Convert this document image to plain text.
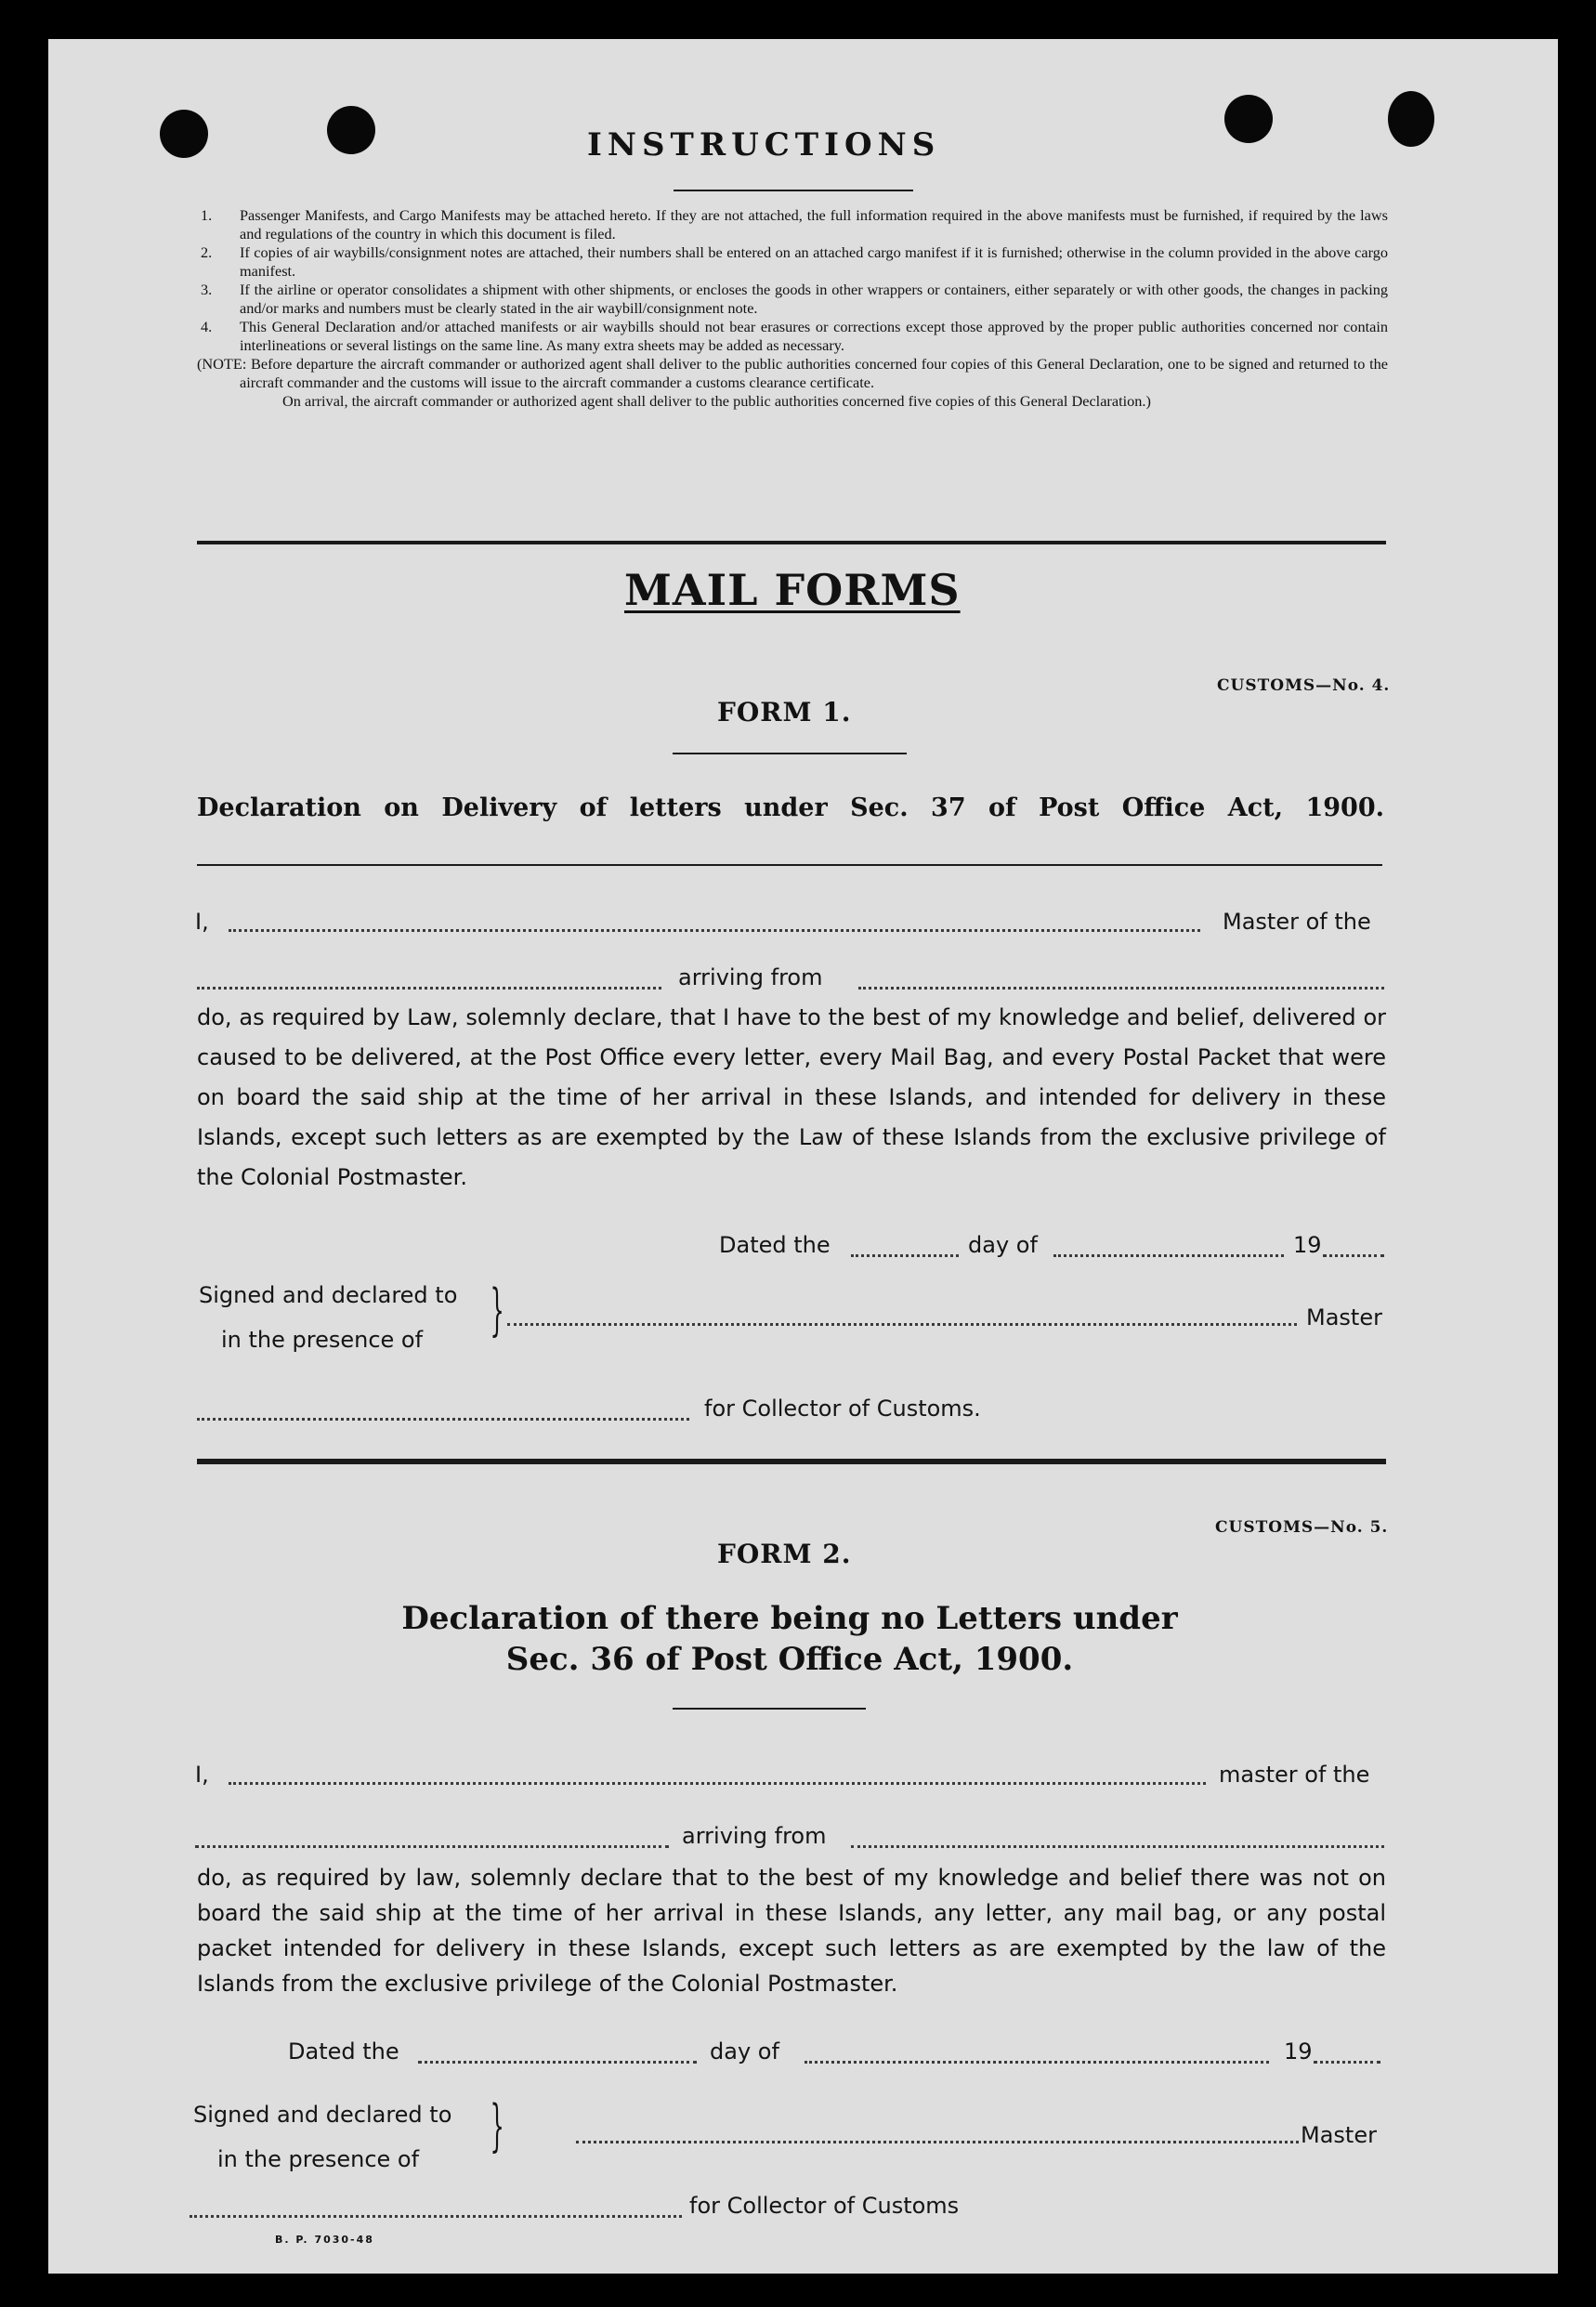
INSTRUCTIONS
1. Passenger Manifests, and Cargo Manifests may be attached hereto. If they are not attached, the full information required in the above manifests must be furnished, if required by the laws and regulations of the country in which this document is filed.
2. If copies of air waybills/consignment notes are attached, their numbers shall be entered on an attached cargo manifest if it is furnished; otherwise in the column provided in the above cargo manifest.
3. If the airline or operator consolidates a shipment with other shipments, or encloses the goods in other wrappers or containers, either separately or with other goods, the changes in packing and/or marks and numbers must be clearly stated in the air waybill/consignment note.
4. This General Declaration and/or attached manifests or air waybills should not bear erasures or corrections except those approved by the proper public authorities concerned nor contain interlineations or several listings on the same line. As many extra sheets may be added as necessary.
(NOTE: Before departure the aircraft commander or authorized agent shall deliver to the public authorities concerned four copies of this General Declaration, one to be signed and returned to the aircraft commander and the customs will issue to the aircraft commander a customs clearance certificate.

On arrival, the aircraft commander or authorized agent shall deliver to the public authorities concerned five copies of this General Declaration.)

MAIL FORMS
CUSTOMS—No. 4.
FORM 1.
Declaration on Delivery of letters under Sec. 37 of Post Office Act, 1900.
I,	Master of the
arriving from
do, as required by Law, solemnly declare, that I have to the best of my knowledge and belief, delivered or caused to be delivered, at the Post Office every letter, every Mail Bag, and every Postal Packet that were on board the said ship at the time of her arrival in these Islands, and intended for delivery in these Islands, except such letters as are exempted by the Law of these Islands from the exclusive privilege of the Colonial Postmaster.
Dated the	day of	19
Signed and declared to
in the presence of }	Master
for Collector of Customs.
CUSTOMS—No. 5.
FORM 2.
Declaration of there being no Letters under
Sec. 36 of Post Office Act, 1900.
I,	master of the
arriving from
do, as required by law, solemnly declare that to the best of my knowledge and belief there was not on board the said ship at the time of her arrival in these Islands, any letter, any mail bag, or any postal packet intended for delivery in these Islands, except such letters as are exempted by the law of the Islands from the exclusive privilege of the Colonial Postmaster.
Dated the	day of	19
Signed and declared to
in the presence of
}	Master
for Collector of Customs
B. P. 7030-48
